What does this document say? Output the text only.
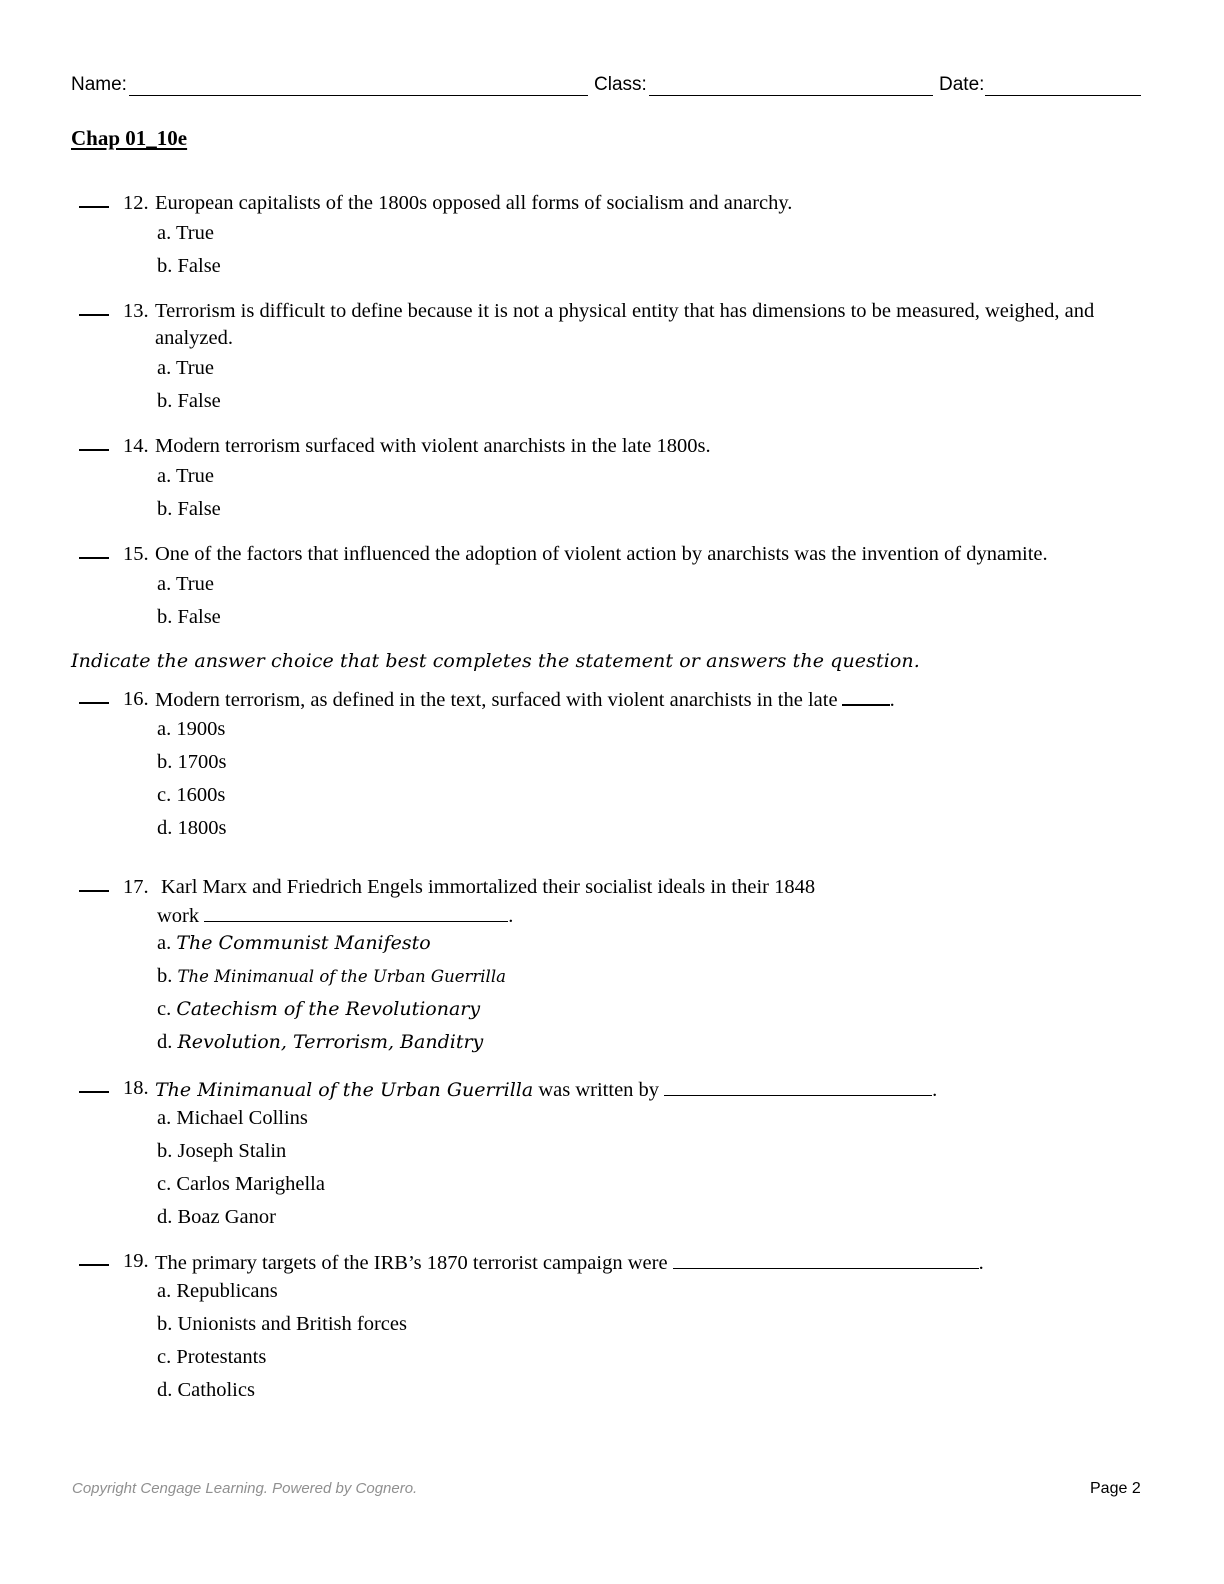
Name:	Class:	Date:
Chap 01_10e
12. European capitalists of the 1800s opposed all forms of socialism and anarchy.
a. True
b. False
13. Terrorism is difficult to define because it is not a physical entity that has dimensions to be measured, weighed, and analyzed.
a. True
b. False
14. Modern terrorism surfaced with violent anarchists in the late 1800s.
a. True
b. False
15. One of the factors that influenced the adoption of violent action by anarchists was the invention of dynamite.
a. True
b. False
Indicate the answer choice that best completes the statement or answers the question.
16. Modern terrorism, as defined in the text, surfaced with violent anarchists in the late	.
a. 1900s
b. 1700s
c. 1600s
d. 1800s
17. Karl Marx and Friedrich Engels immortalized their socialist ideals in their 1848
work	.
a. The Communist Manifesto
b. The Minimanual of the Urban Guerrilla
c. Catechism of the Revolutionary
d. Revolution, Terrorism, Banditry
18. The Minimanual of the Urban Guerrilla was written by	.
a. Michael Collins
b. Joseph Stalin
c. Carlos Marighella
d. Boaz Ganor
19. The primary targets of the IRB’s 1870 terrorist campaign were	.
a. Republicans
b. Unionists and British forces
c. Protestants
d. Catholics
Copyright Cengage Learning. Powered by Cognero.	Page 2
